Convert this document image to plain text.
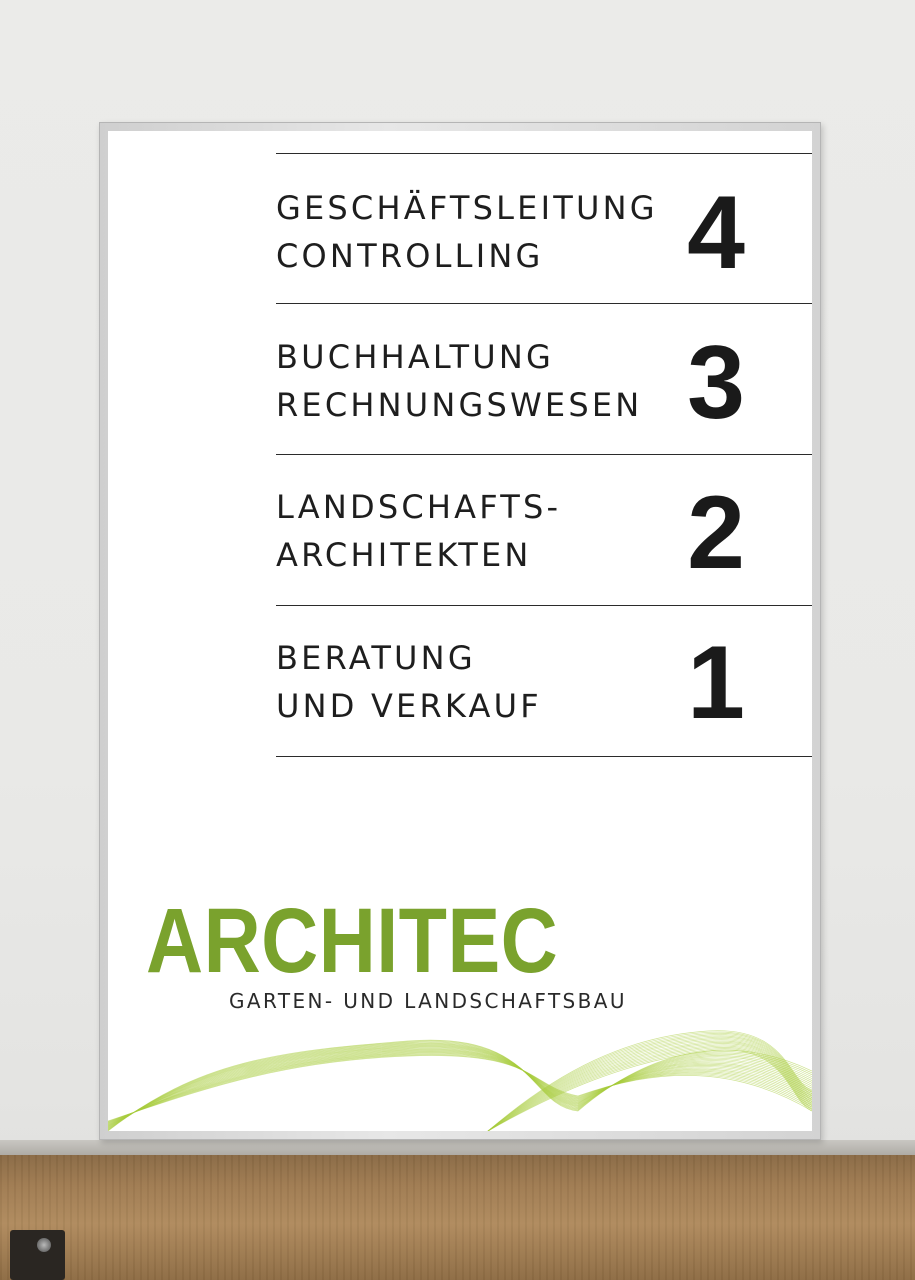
GESCHÄFTSLEITUNG
CONTROLLING	4
BUCHHALTUNG
RECHNUNGSWESEN 3
LANDSCHAFTS-
ARCHITEKTEN 2
BERATUNG
UND VERKAUF 1
ARCHITEC
GARTEN- UND LANDSCHAFTSBAU
